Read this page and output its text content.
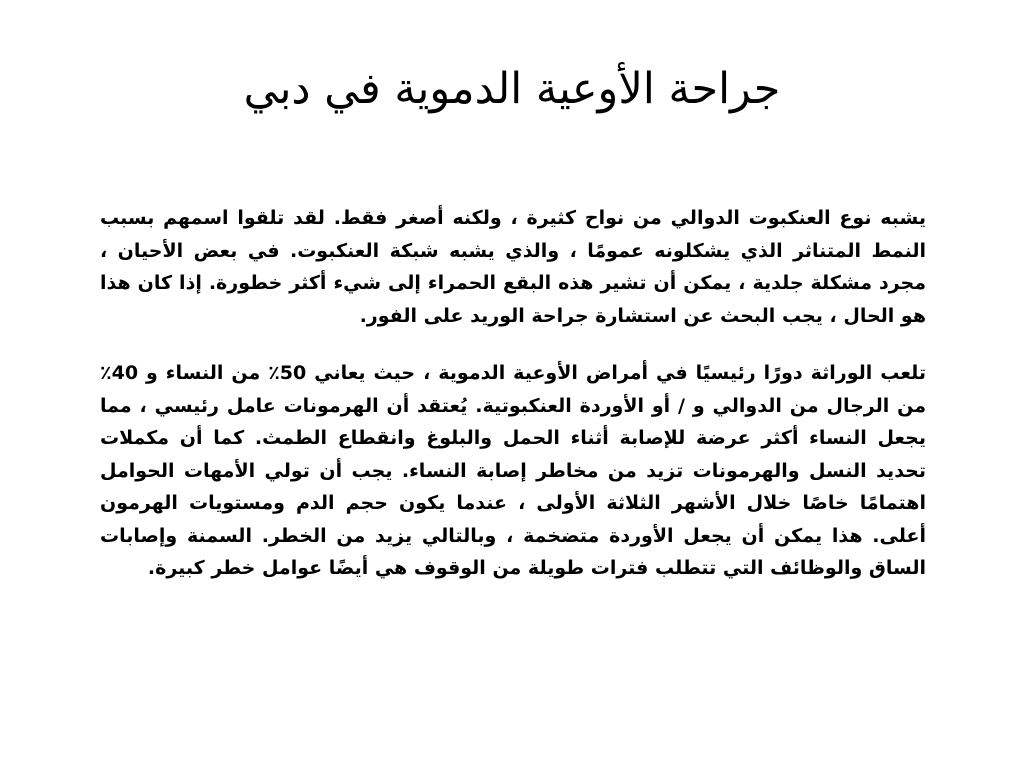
جراحة الأوعية الدموية في دبي

يشبه نوع العنكبوت الدوالي من نواح كثيرة ، ولكنه أصغر فقط. لقد تلقوا اسمهم بسبب النمط المتناثر الذي يشكلونه عمومًا ، والذي يشبه شبكة العنكبوت. في بعض الأحيان ، مجرد مشكلة جلدية ، يمكن أن تشير هذه البقع الحمراء إلى شيء أكثر خطورة. إذا كان هذا هو الحال ، يجب البحث عن استشارة جراحة الوريد على الفور.

تلعب الوراثة دورًا رئيسيًا في أمراض الأوعية الدموية ، حيث يعاني 50٪ من النساء و 40٪ من الرجال من الدوالي و / أو الأوردة العنكبوتية. يُعتقد أن الهرمونات عامل رئيسي ، مما يجعل النساء أكثر عرضة للإصابة أثناء الحمل والبلوغ وانقطاع الطمث. كما أن مكملات تحديد النسل والهرمونات تزيد من مخاطر إصابة النساء. يجب أن تولي الأمهات الحوامل اهتمامًا خاصًا خلال الأشهر الثلاثة الأولى ، عندما يكون حجم الدم ومستويات الهرمون أعلى. هذا يمكن أن يجعل الأوردة متضخمة ، وبالتالي يزيد من الخطر. السمنة وإصابات الساق والوظائف التي تتطلب فترات طويلة من الوقوف هي أيضًا عوامل خطر كبيرة.
